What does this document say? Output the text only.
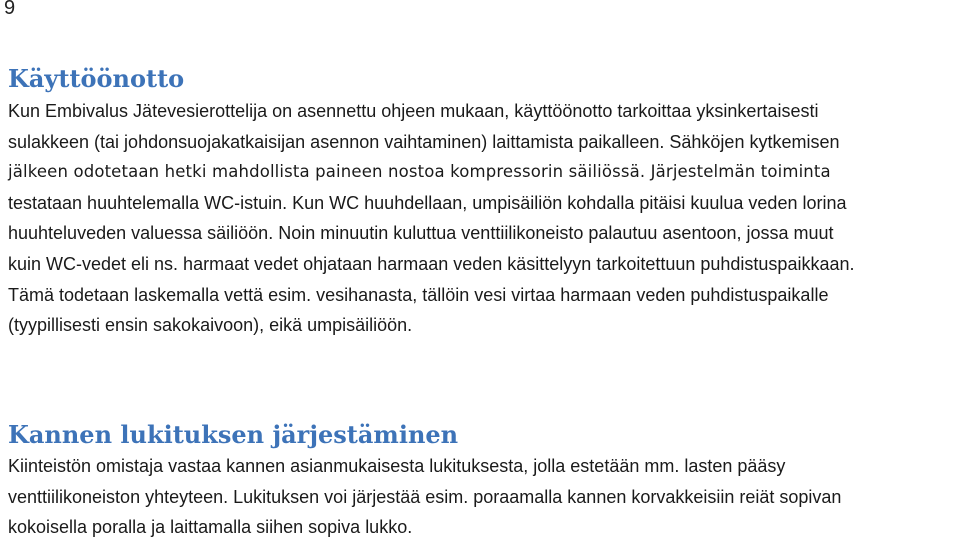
9
Käyttöönotto

Kun Embivalus Jätevesierottelija on asennettu ohjeen mukaan, käyttöönotto tarkoittaa yksinkertaisesti

sulakkeen (tai johdonsuojakatkaisijan asennon vaihtaminen) laittamista paikalleen. Sähköjen kytkemisen

jälkeen odotetaan hetki mahdollista paineen nostoa kompressorin säiliössä. Järjestelmän toiminta

testataan huuhtelemalla WC-istuin. Kun WC huuhdellaan, umpisäiliön kohdalla pitäisi kuulua veden lorina

huuhteluveden valuessa säiliöön. Noin minuutin kuluttua venttiilikoneisto palautuu asentoon, jossa muut

kuin WC-vedet eli ns. harmaat vedet ohjataan harmaan veden käsittelyyn tarkoitettuun puhdistuspaikkaan.

Tämä todetaan laskemalla vettä esim. vesihanasta, tällöin vesi virtaa harmaan veden puhdistuspaikalle

(tyypillisesti ensin sakokaivoon), eikä umpisäiliöön.

Kannen lukituksen järjestäminen

Kiinteistön omistaja vastaa kannen asianmukaisesta lukituksesta, jolla estetään mm. lasten pääsy

venttiilikoneiston yhteyteen. Lukituksen voi järjestää esim. poraamalla kannen korvakkeisiin reiät sopivan

kokoisella poralla ja laittamalla siihen sopiva lukko.
